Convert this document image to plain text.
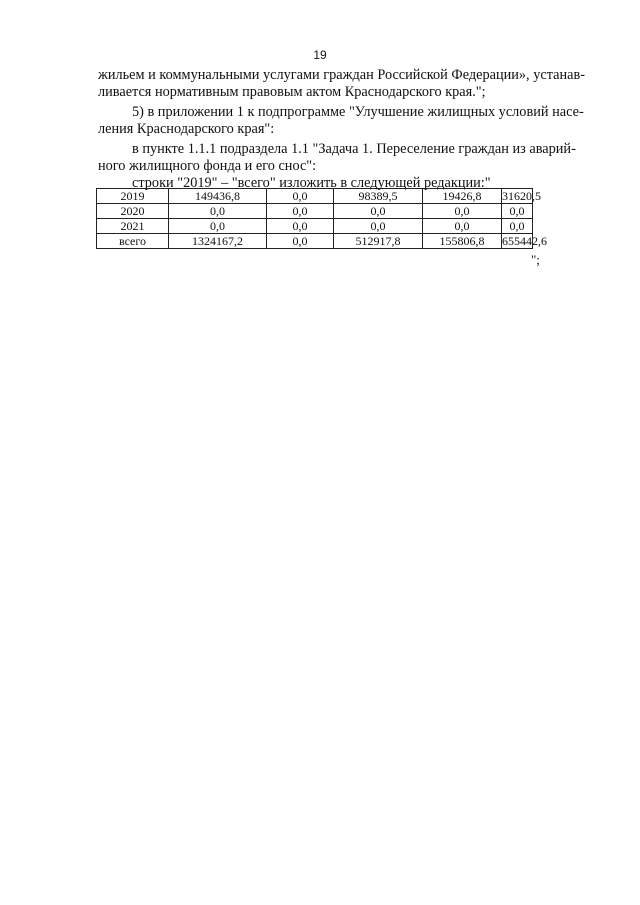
19

жильем и коммунальными услугами граждан Российской Федерации», устанав-
ливается нормативным правовым актом Краснодарского края.";

5) в приложении 1 к подпрограмме "Улучшение жилищных условий насе-
ления Краснодарского края":

в пункте 1.1.1 подраздела 1.1 "Задача 1. Переселение граждан из аварий-
ного жилищного фонда и его снос":

строки "2019" – "всего" изложить в следующей редакции:"

2019	149436,8	0,0	98389,5	19426,8	31620,5
2020	0,0	0,0	0,0	0,0	0,0
2021	0,0	0,0	0,0	0,0	0,0
всего	1324167,2	0,0	512917,8	155806,8	655442,6
";
